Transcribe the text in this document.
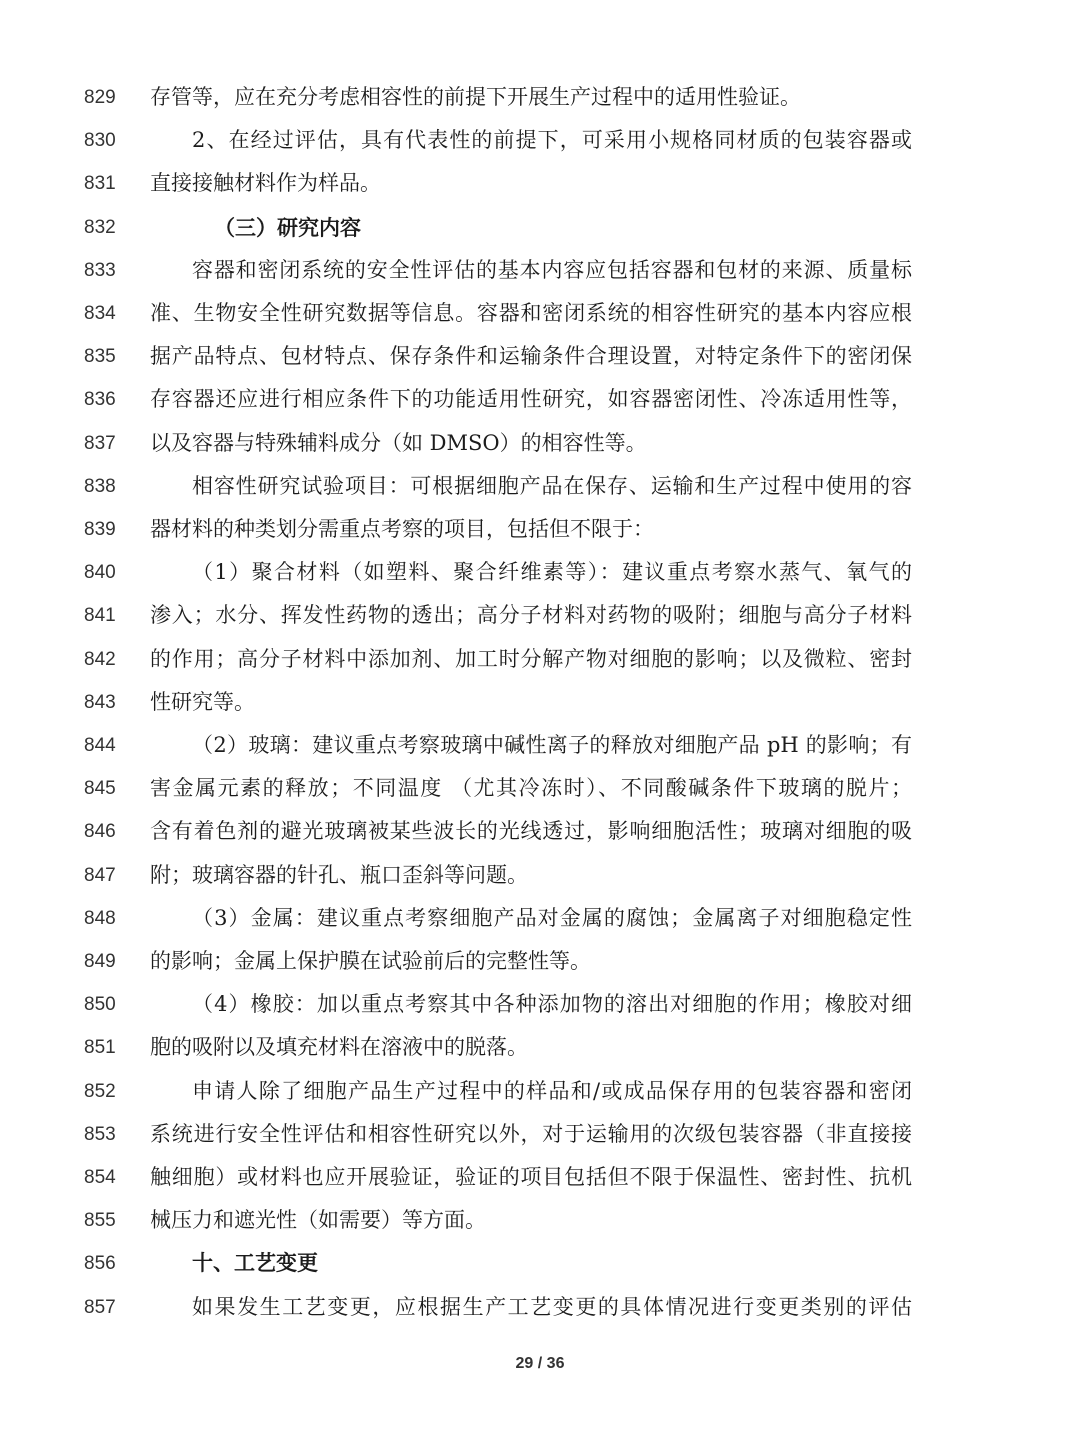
829 存管等，应在充分考虑相容性的前提下开展生产过程中的适用性验证。
830	2、在经过评估，具有代表性的前提下，可采用小规格同材质的包装容器或
831 直接接触材料作为样品。
832	（三）研究内容
833	容器和密闭系统的安全性评估的基本内容应包括容器和包材的来源、质量标
834 准、生物安全性研究数据等信息。容器和密闭系统的相容性研究的基本内容应根
835 据产品特点、包材特点、保存条件和运输条件合理设置，对特定条件下的密闭保
836 存容器还应进行相应条件下的功能适用性研究，如容器密闭性、冷冻适用性等，
837 以及容器与特殊辅料成分（如 DMSO）的相容性等。
838	相容性研究试验项目：可根据细胞产品在保存、运输和生产过程中使用的容
839 器材料的种类划分需重点考察的项目，包括但不限于：
840	（1）聚合材料（如塑料、聚合纤维素等）：建议重点考察水蒸气、氧气的
841 渗入；水分、挥发性药物的透出；高分子材料对药物的吸附；细胞与高分子材料
842 的作用；高分子材料中添加剂、加工时分解产物对细胞的影响；以及微粒、密封
843 性研究等。
844	（2）玻璃：建议重点考察玻璃中碱性离子的释放对细胞产品 pH 的影响；有
845 害金属元素的释放；不同温度 （尤其冷冻时）、不同酸碱条件下玻璃的脱片；
846 含有着色剂的避光玻璃被某些波长的光线透过，影响细胞活性；玻璃对细胞的吸
847 附；玻璃容器的针孔、瓶口歪斜等问题。
848	（3）金属：建议重点考察细胞产品对金属的腐蚀；金属离子对细胞稳定性
849 的影响；金属上保护膜在试验前后的完整性等。
850	（4）橡胶：加以重点考察其中各种添加物的溶出对细胞的作用；橡胶对细
851 胞的吸附以及填充材料在溶液中的脱落。
852	申请人除了细胞产品生产过程中的样品和/或成品保存用的包装容器和密闭
853 系统进行安全性评估和相容性研究以外，对于运输用的次级包装容器（非直接接
854 触细胞）或材料也应开展验证，验证的项目包括但不限于保温性、密封性、抗机
855 械压力和遮光性（如需要）等方面。
856	十、工艺变更
857	如果发生工艺变更，应根据生产工艺变更的具体情况进行变更类别的评估
29 / 36
